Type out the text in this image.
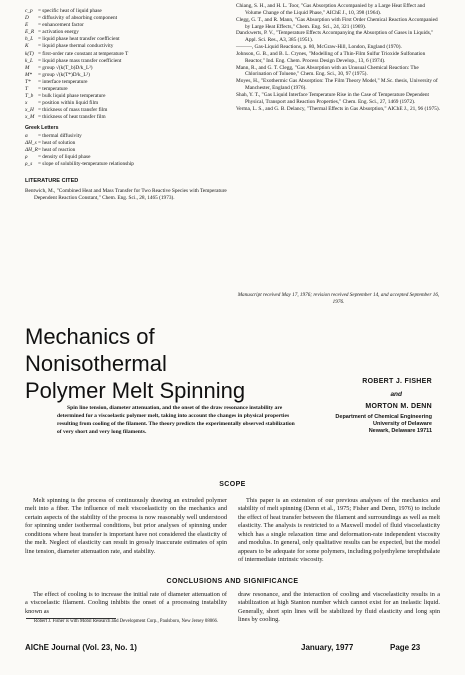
c_p	= specific heat of liquid phase
D	= diffusivity of absorbing component
E	= enhancement factor
E_R = activation energy
h_L = liquid phase heat transfer coefficient
K	= liquid phase thermal conductivity
k(T) = first-order rate constant at temperature T
k_L = liquid phase mass transfer coefficient
M	= group √(k(T_b)D/k_L²)
M*	= group √(k(T*)D/k_L²)
T*	= interface temperature
T	= temperature
T_b = bulk liquid phase temperature
x	= position within liquid film
x_H = thickness of mass transfer film
x_M = thickness of heat transfer film
Greek Letters
α	= thermal diffusivity
ΔH_s = heat of solution
ΔH_R = heat of reaction
ρ	= density of liquid phase
ρ_s	= slope of solubility-temperature relationship
LITERATURE CITED
Bentwich, M., "Combined Heat and Mass Transfer for Two Reactive Species with Temperature Dependent Reaction Constant," Chem. Eng. Sci., 28, 1465 (1973).
Chiang, S. H., and H. L. Toor, "Gas Absorption Accompanied by a Large Heat Effect and Volume Change of the Liquid Phase," AIChE J., 10, 398 (1964).
Clegg, G. T., and R. Mann, "Gas Absorption with First Order Chemical Reaction Accompanied by Large Heat Effects," Chem. Eng. Sci., 24, 321 (1969).
Danckwerts, P. V., "Temperature Effects Accompanying the Absorption of Gases in Liquids," Appl. Sci. Res., A3, 385 (1951).
———, Gas-Liquid Reactions, p. 80, McGraw-Hill, London, England (1970).
Johnson, G. B., and B. L. Crynes, "Modelling of a Thin-Film Sulfur Trioxide Sulfonation Reactor," Ind. Eng. Chem. Process Design Develop., 13, 6 (1974).
Mann, R., and G. T. Clegg, "Gas Absorption with an Unusual Chemical Reaction: The Chlorination of Toluene," Chem. Eng. Sci., 30, 97 (1975).
Moyes, H., "Exothermic Gas Absorption: The Film Theory Model," M.Sc. thesis, University of Manchester, England (1976).
Shah, Y. T., "Gas Liquid Interface Temperature Rise in the Case of Temperature Dependent Physical, Transport and Reaction Properties," Chem. Eng. Sci., 27, 1469 (1972).
Verma, L. S., and G. B. Delancy, "Thermal Effects in Gas Absorption," AIChE J., 21, 96 (1975).
Manuscript received May 17, 1976; revision received September 14, and accepted September 16, 1976.
Mechanics of Nonisothermal
Polymer Melt Spinning	ROBERT J. FISHER
and
MORTON M. DENN
Department of Chemical Engineering
University of Delaware
Newark, Delaware 19711
Spin line tension, diameter attenuation, and the onset of the draw resonance instability are determined for a viscoelastic polymer melt, taking into account the changes in physical properties resulting from cooling of the filament. The theory predicts the experimentally observed stabilization of very short and very long filaments.
SCOPE
Melt spinning is the process of continuously drawing an extruded polymer melt into a fiber. The influence of melt viscoelasticity on the mechanics and certain aspects of the stability of the process is now reasonably well understood for spinning under isothermal conditions, but prior analyses of spinning under conditions where heat transfer is important have not considered the elasticity of the melt. Neglect of elasticity can result in grossly inaccurate estimates of spin line tension, diameter attenuation rate, and stability.
This paper is an extension of our previous analyses of the mechanics and stability of melt spinning (Denn et al., 1975; Fisher and Denn, 1976) to include the effect of heat transfer between the filament and surroundings as well as melt elasticity. The analysis is restricted to a Maxwell model of fluid viscoelasticity which has a single relaxation time and deformation-rate independent viscosity and modulus. In general, only qualitative results can be expected, but the model appears to be adequate for some polymers, including polyethylene terephthalate of intermediate intrinsic viscosity.
CONCLUSIONS AND SIGNIFICANCE
The effect of cooling is to increase the initial rate of diameter attenuation of a viscoelastic filament. Cooling inhibits the onset of a processing instability known as
draw resonance, and the interaction of cooling and viscoelasticity results in a stabilization at high Stanton number which cannot exist for an inelastic liquid. Generally, short spin lines will be stabilized by fluid elasticity and long spin lines by cooling.
Robert J. Fisher is with Mobil Research and Development Corp., Paulsboro, New Jersey 08066.
AIChE Journal (Vol. 23, No. 1)	January, 1977	Page 23
